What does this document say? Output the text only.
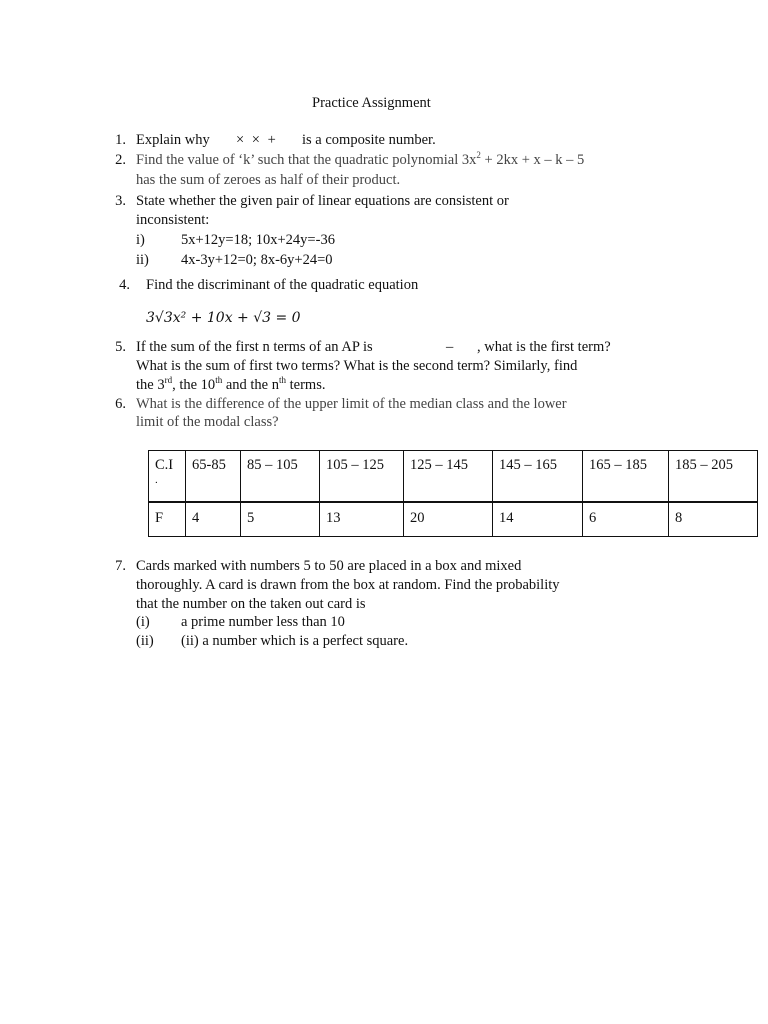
Practice Assignment
1. Explain why × × + is a composite number.
2. Find the value of ‘k’ such that the quadratic polynomial $3x^2 + 2kx + x - k - 5$
has the sum of zeroes as half of their product.
3. State whether the given pair of linear equations are consistent or
inconsistent:
i) 5x+12y=18; 10x+24y=-36
ii) 4x-3y+12=0; 8x-6y+24=0
4. Find the discriminant of the quadratic equation
3√3x² + 10x + √3 = 0
5. If the sum of the first n terms of an AP is	– , what is the first term?
What is the sum of first two terms? What is the second term? Similarly, find
the 3rd, the 10th and the $n^{th}$ terms.
6. What is the difference of the upper limit of the median class and the lower
limit of the modal class?
C.I
.	65-85	85 – 105	105 – 125	125 – 145	145 – 165	165 – 185	185 – 205
F	4	5	13	20	14	6	8
7. Cards marked with numbers 5 to 50 are placed in a box and mixed
thoroughly. A card is drawn from the box at random. Find the probability
that the number on the taken out card is
(i) a prime number less than 10
(ii) (ii) a number which is a perfect square.
